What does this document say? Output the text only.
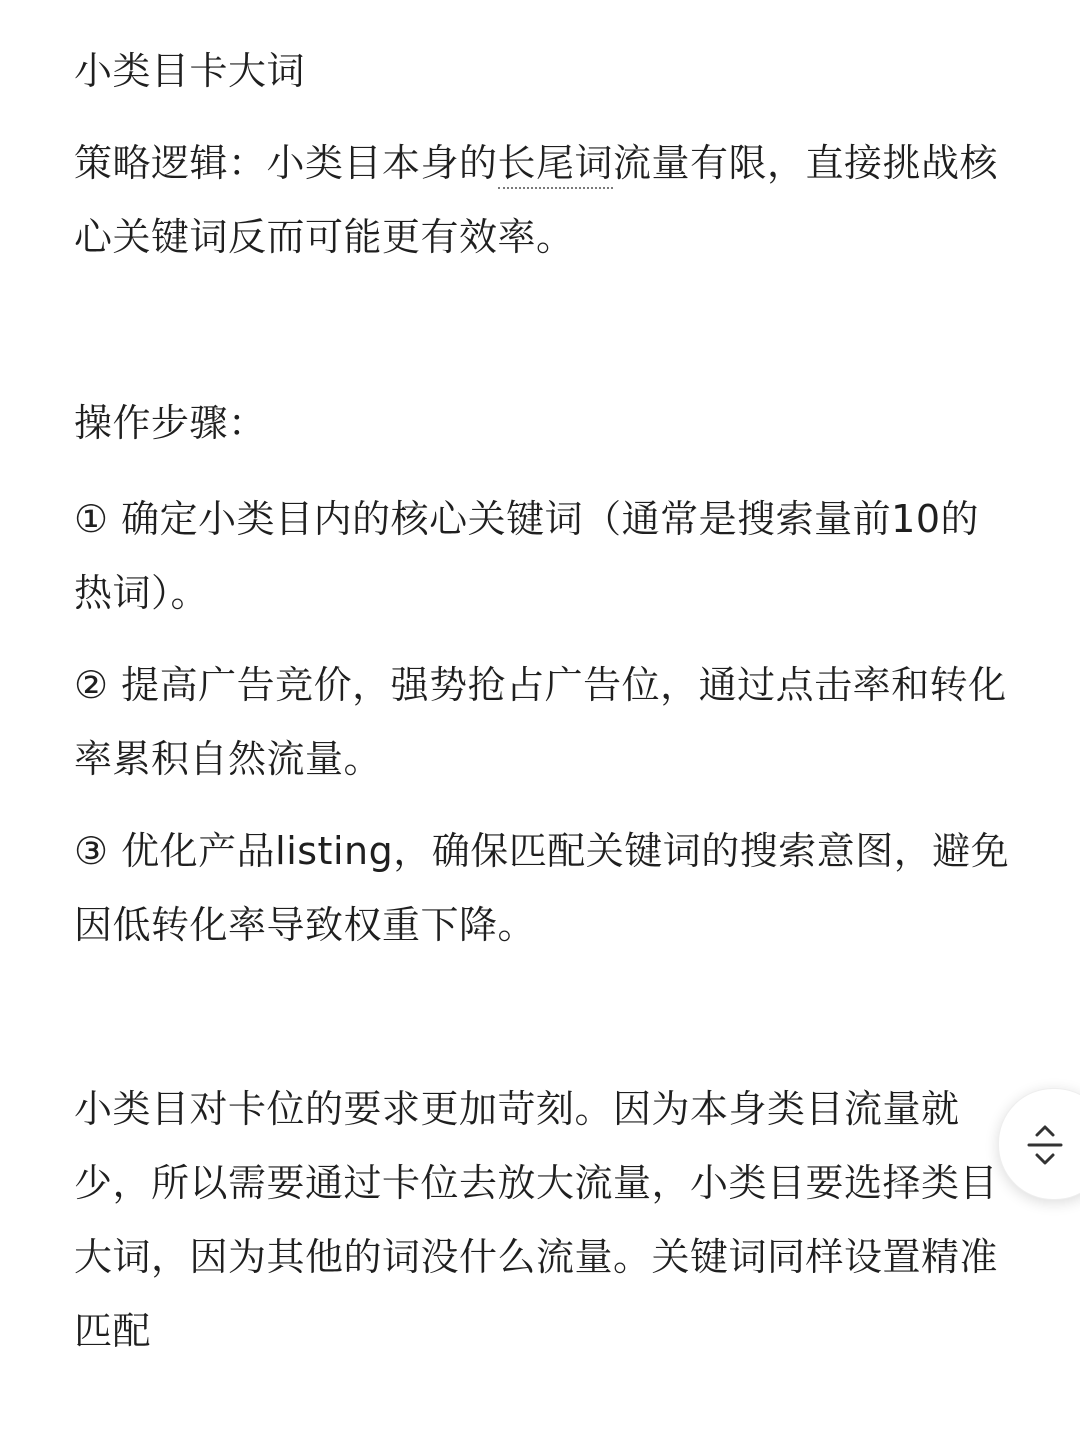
小类目卡大词

策略逻辑：小类目本身的长尾词流量有限，直接挑战核心关键词反而可能更有效率。

操作步骤：

① 确定小类目内的核心关键词（通常是搜索量前10的热词）。

② 提高广告竞价，强势抢占广告位，通过点击率和转化率累积自然流量。

③ 优化产品listing，确保匹配关键词的搜索意图，避免因低转化率导致权重下降。

小类目对卡位的要求更加苛刻。因为本身类目流量就少，所以需要通过卡位去放大流量，小类目要选择类目大词，因为其他的词没什么流量。关键词同样设置精准匹配
